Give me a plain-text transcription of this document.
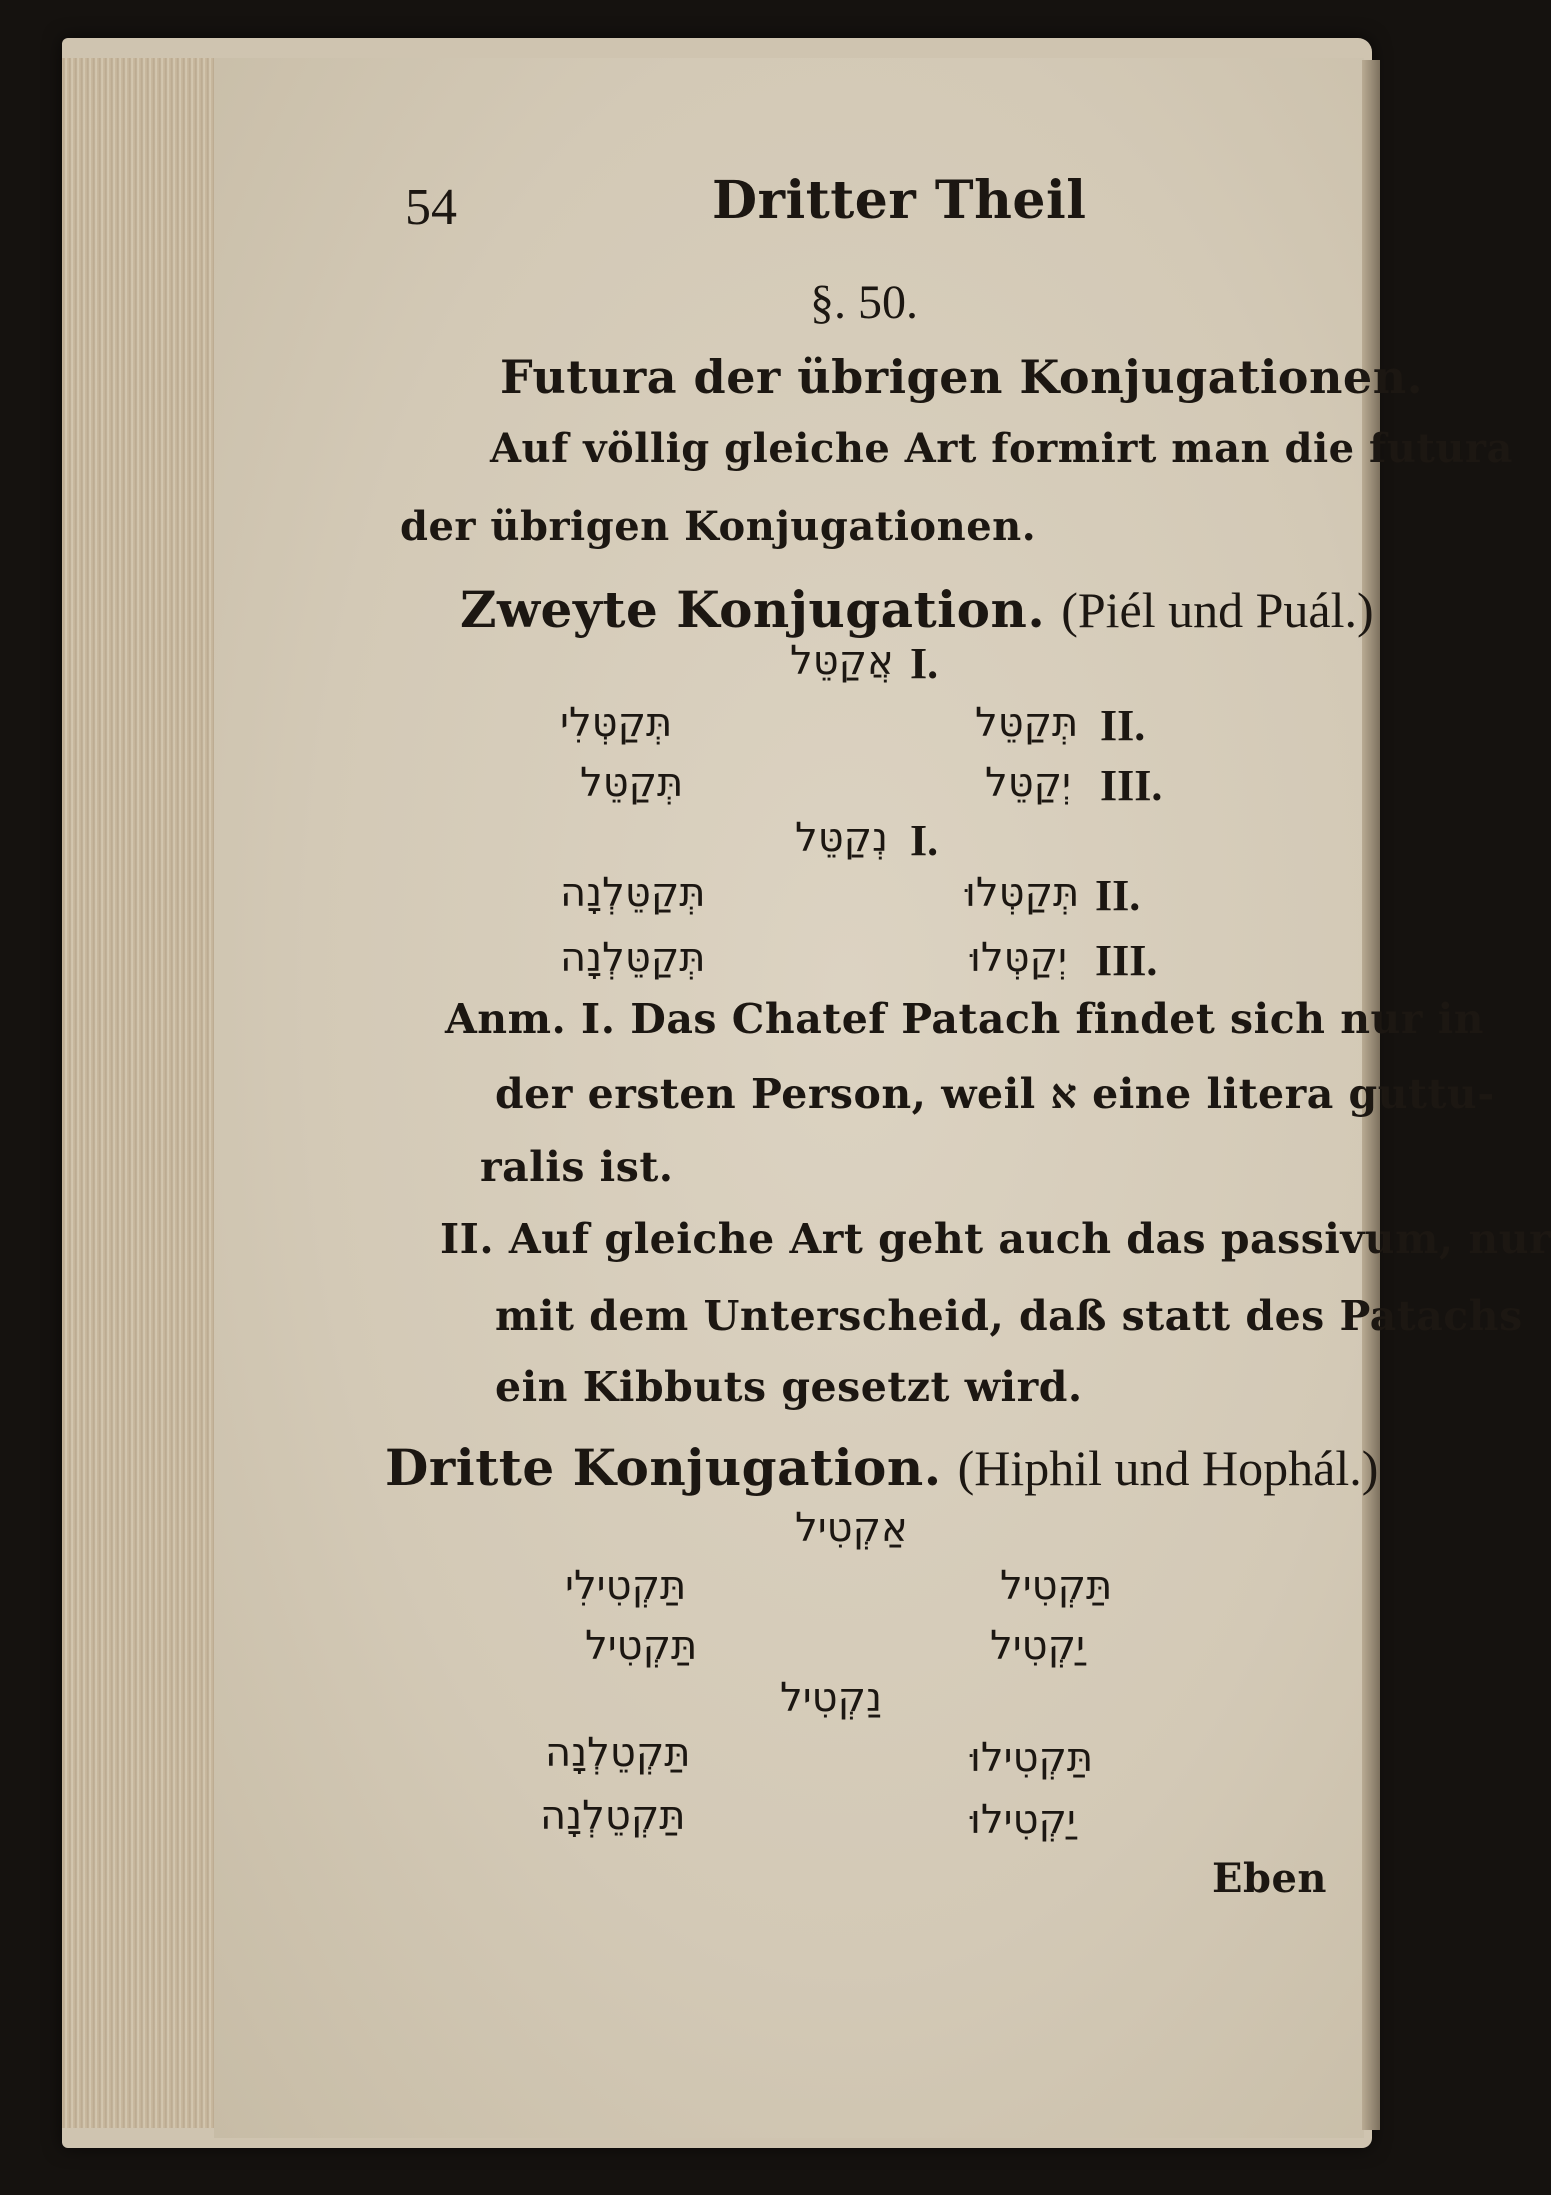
54	Dritter Theil
§. 50.
Futura der übrigen Konjugationen.
Auf völlig gleiche Art formirt man die futura
der übrigen Konjugationen.
Zweyte Konjugation. (Piél und Puál.)
אֲקַטֵּל I.
תְּקַטְּלִי	תְּקַטֵּל II.
תְּקַטֵּל	יְקַטֵּל III.
נְקַטֵּל I.
תְּקַטֵּלְנָה	תְּקַטְּלוּ II.
תְּקַטֵּלְנָה	יְקַטְּלוּ III.
Anm. I. Das Chatef Patach findet sich nur in
der ersten Person, weil א eine litera guttu-
ralis ist.
II. Auf gleiche Art geht auch das passivum, nur
mit dem Unterscheid, daß statt des Patachs
ein Kibbuts gesetzt wird.
Dritte Konjugation. (Hiphil und Hophál.)
אַקְטִיל
תַּקְטִילִי	תַּקְטִיל
תַּקְטִיל	יַקְטִיל
נַקְטִיל
תַּקְטֵלְנָה	תַּקְטִילוּ
תַּקְטֵלְנָה	יַקְטִילוּ
Eben
